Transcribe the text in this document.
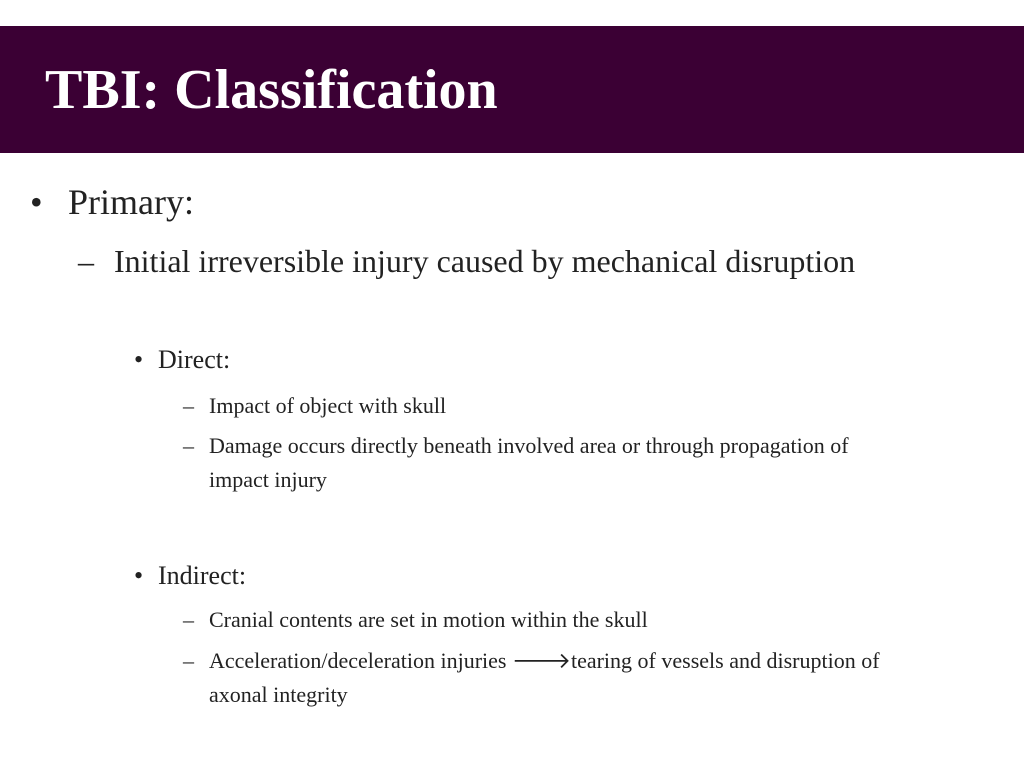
TBI: Classification
• Primary:
– Initial irreversible injury caused by mechanical disruption
• Direct:
– Impact of object with skull
– Damage occurs directly beneath involved area or through propagation of impact injury
• Indirect:
– Cranial contents are set in motion within the skull
– Acceleration/deceleration injuries 🡒tearing of vessels and disruption of axonal integrity
